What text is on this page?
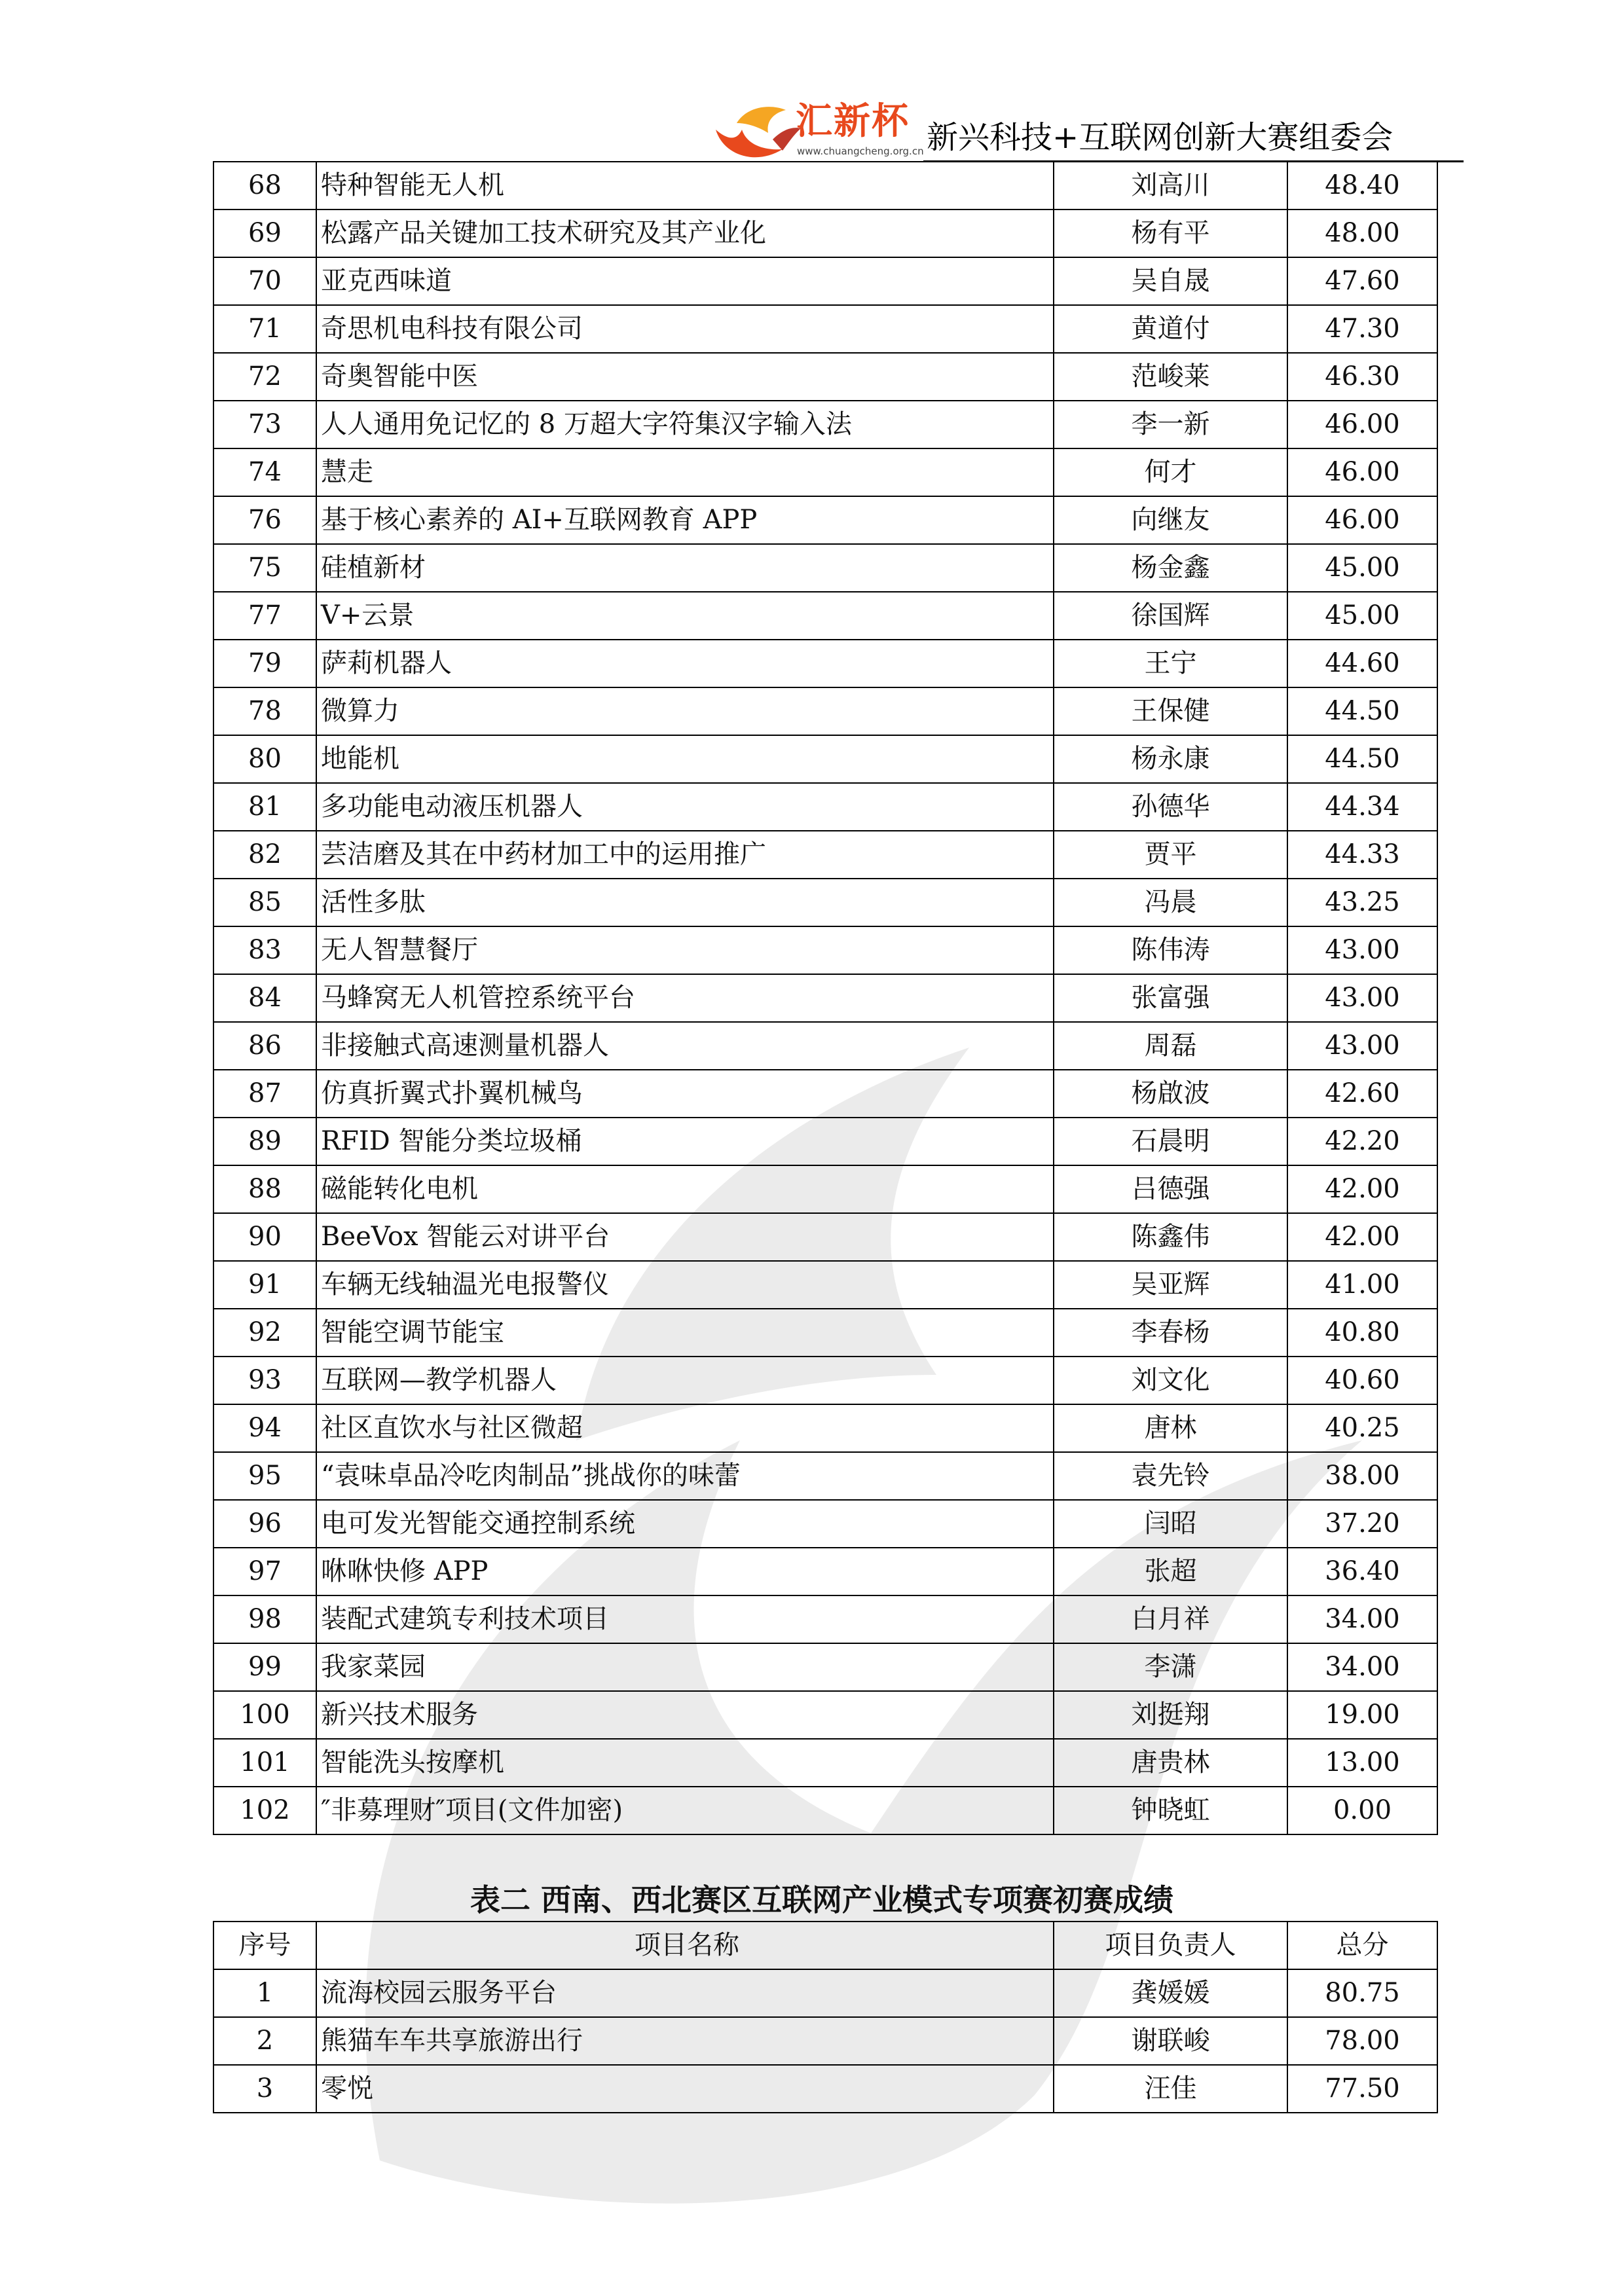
汇新杯
www.chuangcheng.org.cn 新兴科技+互联网创新大赛组委会
68	特种智能无人机	刘高川	48.40
69	松露产品关键加工技术研究及其产业化	杨有平	48.00
70	亚克西味道	吴自晟	47.60
71	奇思机电科技有限公司	黄道付	47.30
72	奇奥智能中医	范峻莱	46.30
73	人人通用免记忆的 8 万超大字符集汉字输入法	李一新	46.00
74	慧走	何才	46.00
76	基于核心素养的 AI+互联网教育 APP	向继友	46.00
75	硅植新材	杨金鑫	45.00
77	V+云景	徐国辉	45.00
79	萨莉机器人	王宁	44.60
78	微算力	王保健	44.50
80	地能机	杨永康	44.50
81	多功能电动液压机器人	孙德华	44.34
82	芸洁磨及其在中药材加工中的运用推广	贾平	44.33
85	活性多肽	冯晨	43.25
83	无人智慧餐厅	陈伟涛	43.00
84	马蜂窝无人机管控系统平台	张富强	43.00
86	非接触式高速测量机器人	周磊	43.00
87	仿真折翼式扑翼机械鸟	杨啟波	42.60
89	RFID 智能分类垃圾桶	石晨明	42.20
88	磁能转化电机	吕德强	42.00
90	BeeVox 智能云对讲平台	陈鑫伟	42.00
91	车辆无线轴温光电报警仪	吴亚辉	41.00
92	智能空调节能宝	李春杨	40.80
93	互联网—教学机器人	刘文化	40.60
94	社区直饮水与社区微超	唐林	40.25
95	“袁味卓品冷吃肉制品”挑战你的味蕾	袁先铃	38.00
96	电可发光智能交通控制系统	闫昭	37.20
97	咻咻快修 APP	张超	36.40
98	装配式建筑专利技术项目	白月祥	34.00
99	我家菜园	李潇	34.00
100	新兴技术服务	刘挺翔	19.00
101	智能洗头按摩机	唐贵林	13.00
102	″非募理财″项目(文件加密)	钟晓虹	0.00
表二 西南、西北赛区互联网产业模式专项赛初赛成绩
序号	项目名称	项目负责人	总分
1	流海校园云服务平台	龚媛媛	80.75
2	熊猫车车共享旅游出行	谢联峻	78.00
3	零悦	汪佳	77.50
